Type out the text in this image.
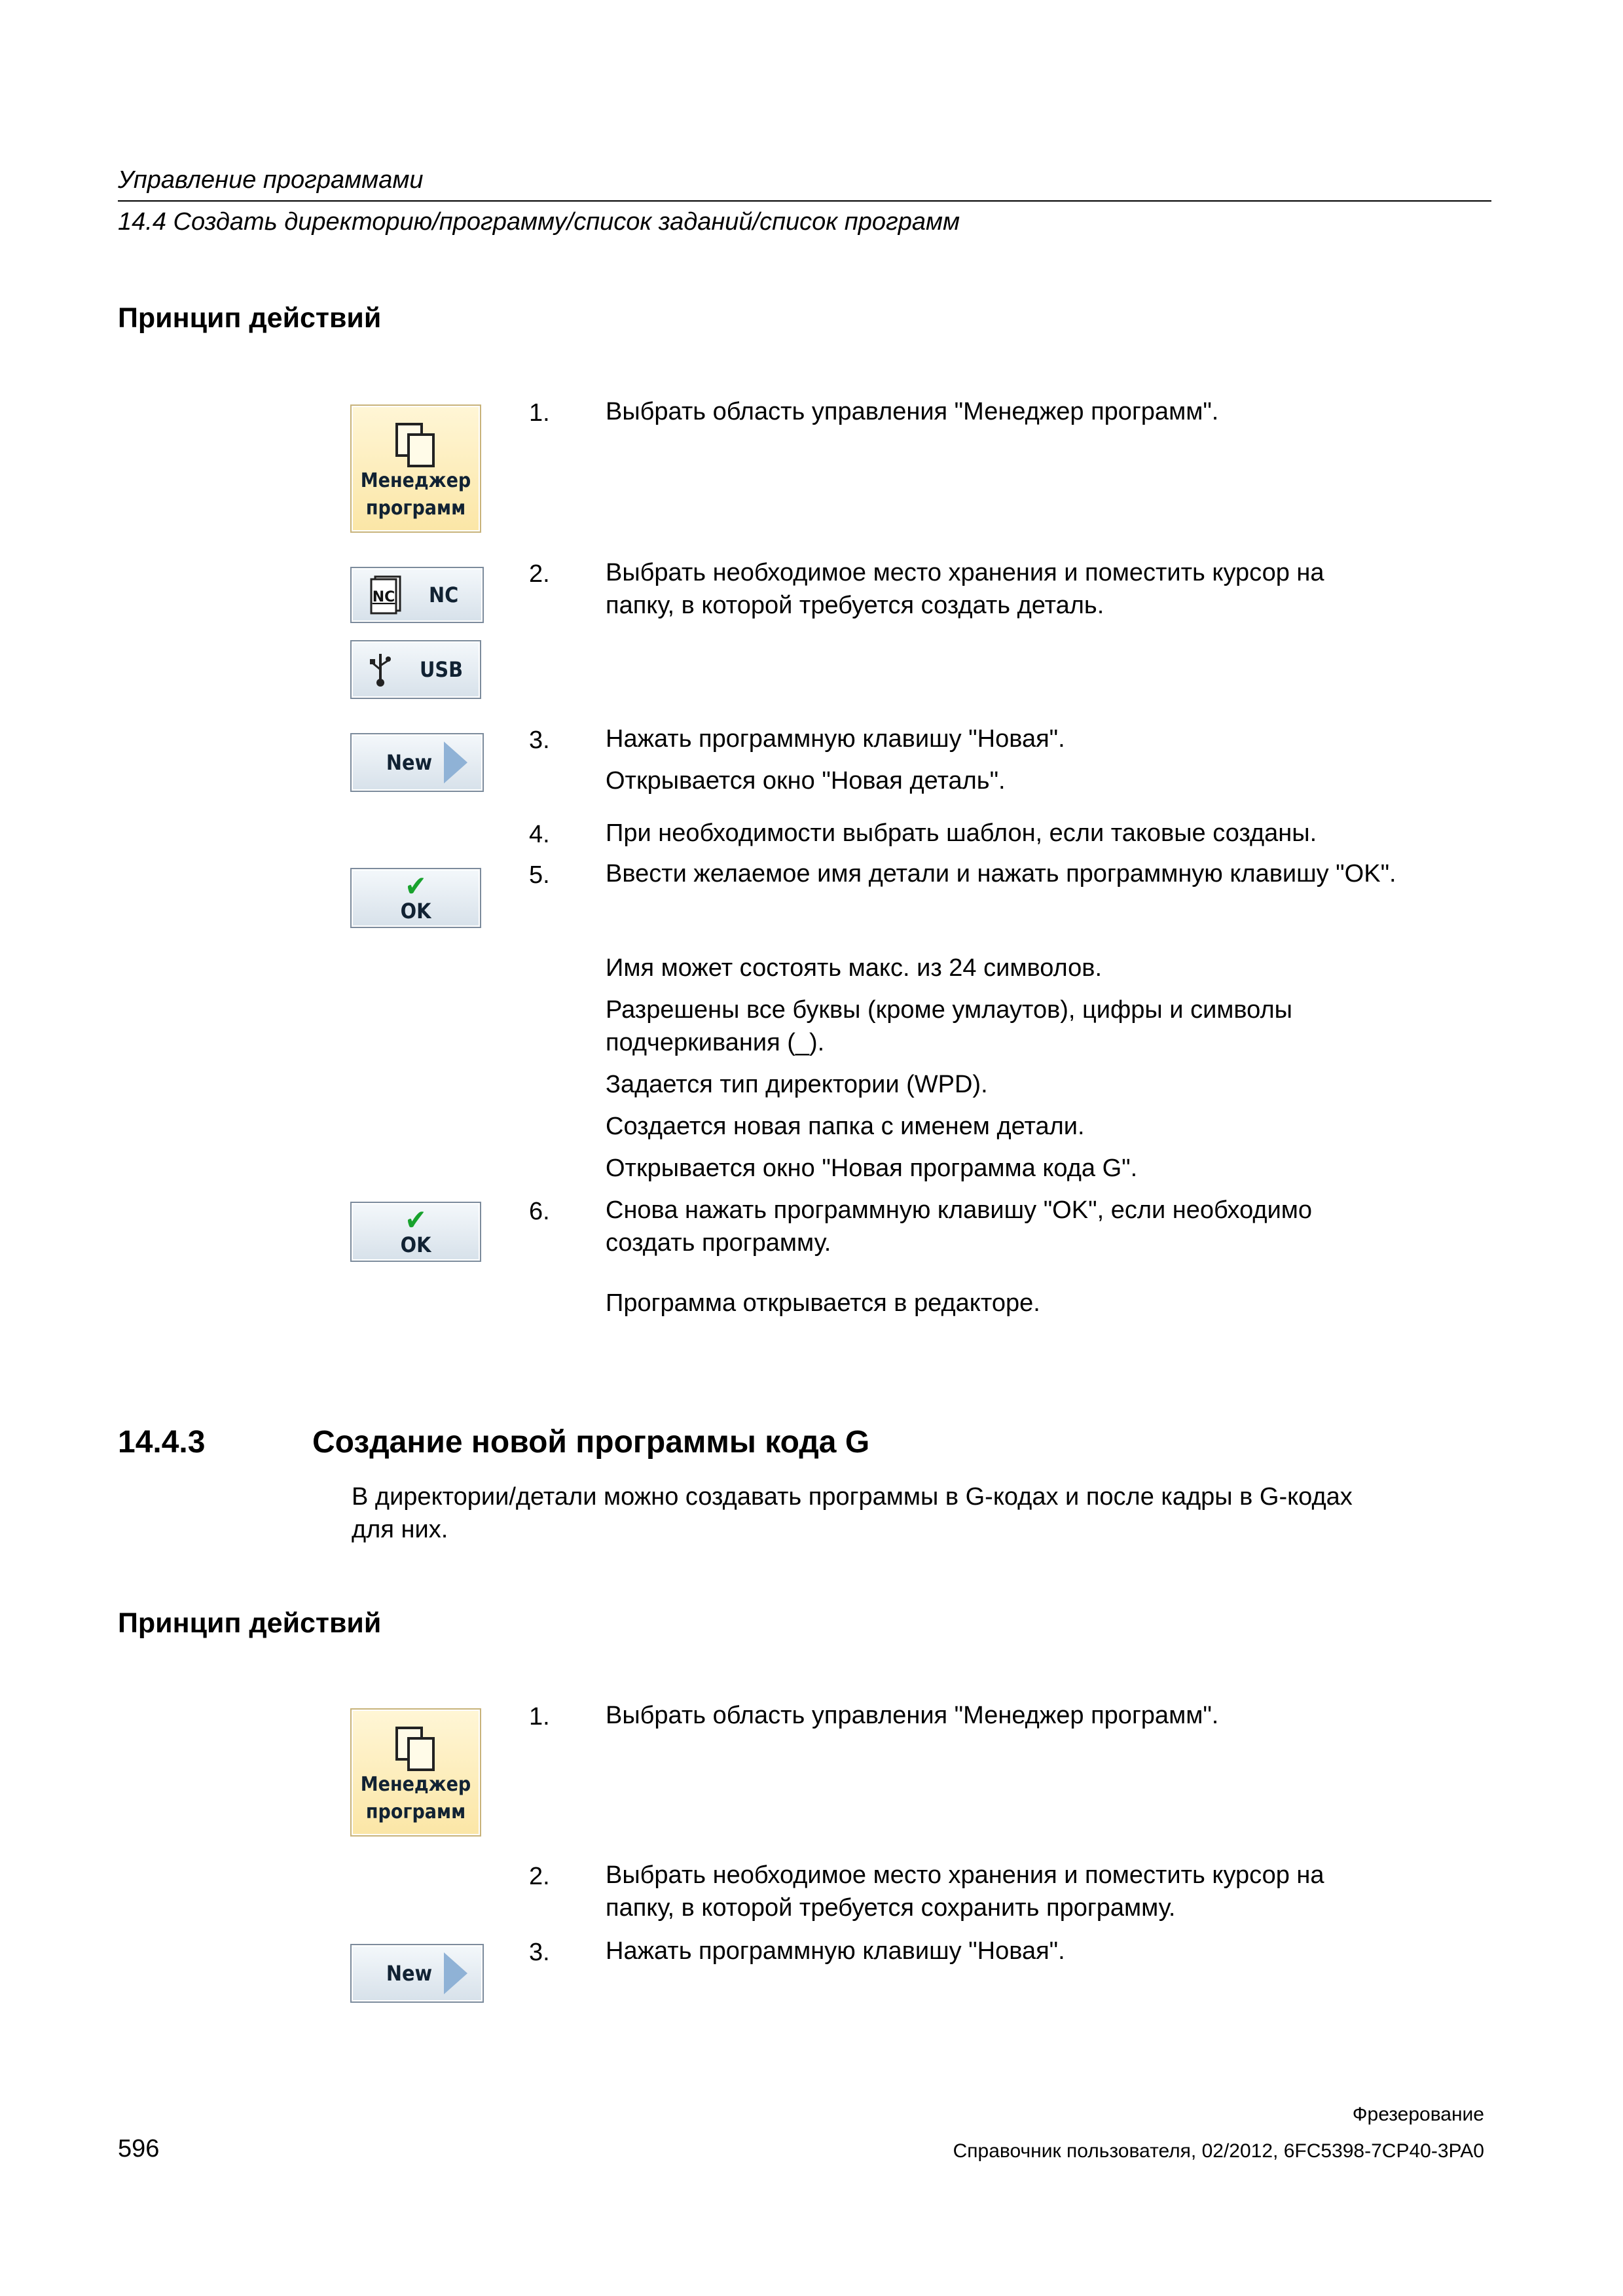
Управление программами
14.4 Создать директорию/программу/список заданий/список программ
Принцип действий
Менеджер
программ
NC NC
USB
New
✔
OK
✔
OK
1. Выбрать область управления "Менеджер программ".
2. Выбрать необходимое место хранения и поместить курсор на
папку, в которой требуется создать деталь.
3. Нажать программную клавишу "Новая".
Открывается окно "Новая деталь".
4. При необходимости выбрать шаблон, если таковые созданы.
5. Ввести желаемое имя детали и нажать программную клавишу "OK".
Имя может состоять макс. из 24 символов.
Разрешены все буквы (кроме умлаутов), цифры и символы
подчеркивания (_).
Задается тип директории (WPD).
Создается новая папка с именем детали.
Открывается окно "Новая программа кода G".
6. Снова нажать программную клавишу "OK", если необходимо
создать программу.
Программа открывается в редакторе.
14.4.3	Создание новой программы кода G
В директории/детали можно создавать программы в G-кодах и после кадры в G-кодах
для них.
Принцип действий
Менеджер
программ
New
1. Выбрать область управления "Менеджер программ".
2. Выбрать необходимое место хранения и поместить курсор на
папку, в которой требуется сохранить программу.
3. Нажать программную клавишу "Новая".
Фрезерование
596	Справочник пользователя, 02/2012, 6FC5398-7CP40-3PA0
